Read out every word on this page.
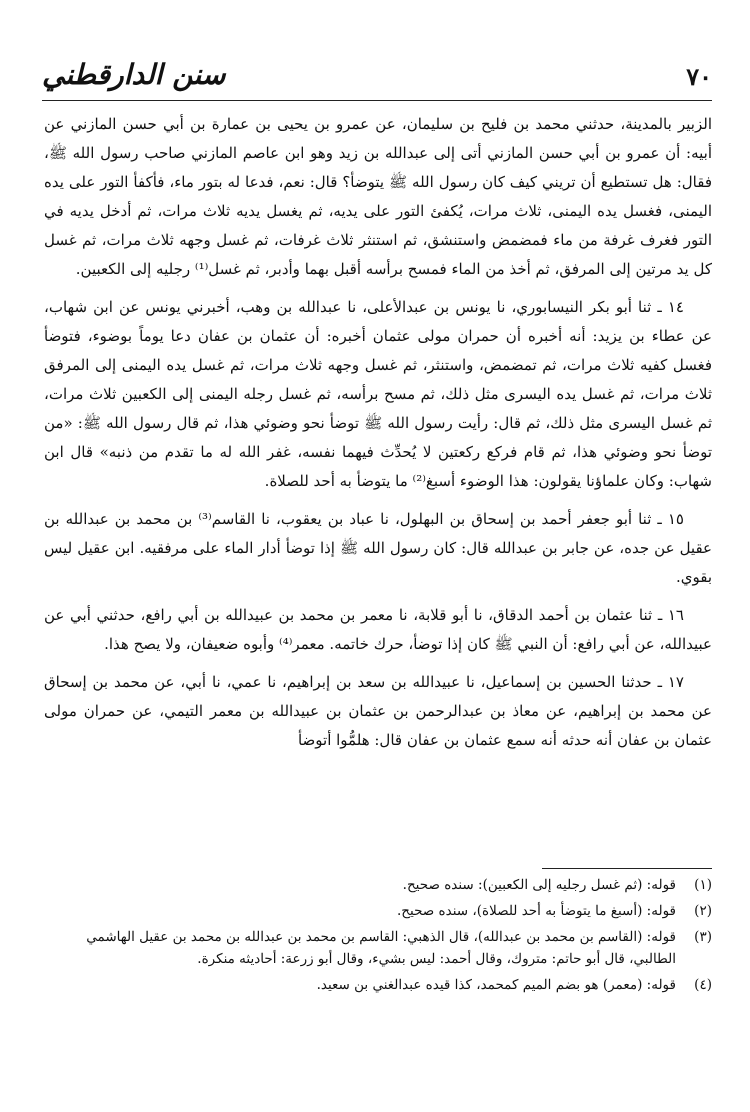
٧٠
سنن الدارقطني

الزبير بالمدينة، حدثني محمد بن فليح بن سليمان، عن عمرو بن يحيى بن عمارة بن أبي حسن المازني عن أبيه: أن عمرو بن أبي حسن المازني أتى إلى عبدالله بن زيد وهو ابن عاصم المازني صاحب رسول الله ﷺ، فقال: هل تستطيع أن تريني كيف كان رسول الله ﷺ يتوضأ؟ قال: نعم، فدعا له بتور ماء، فأكفأ التور على يده اليمنى، فغسل يده اليمنى، ثلاث مرات، يُكفئ التور على يديه، ثم يغسل يديه ثلاث مرات، ثم أدخل يديه في التور فغرف غرفة من ماء فمضمض واستنشق، ثم استنثر ثلاث غرفات، ثم غسل وجهه ثلاث مرات، ثم غسل كل يد مرتين إلى المرفق، ثم أخذ من الماء فمسح برأسه أقبل بهما وأدبر، ثم غسل⁽¹⁾ رجليه إلى الكعبين.

١٤ ـ ثنا أبو بكر النيسابوري، نا يونس بن عبدالأعلى، نا عبدالله بن وهب، أخبرني يونس عن ابن شهاب، عن عطاء بن يزيد: أنه أخبره أن حمران مولى عثمان أخبره: أن عثمان بن عفان دعا يوماً بوضوء، فتوضأ فغسل كفيه ثلاث مرات، ثم تمضمض، واستنثر، ثم غسل وجهه ثلاث مرات، ثم غسل يده اليمنى إلى المرفق ثلاث مرات، ثم غسل يده اليسرى مثل ذلك، ثم مسح برأسه، ثم غسل رجله اليمنى إلى الكعبين ثلاث مرات، ثم غسل اليسرى مثل ذلك، ثم قال: رأيت رسول الله ﷺ توضأ نحو وضوئي هذا، ثم قال رسول الله ﷺ: «من توضأ نحو وضوئي هذا، ثم قام فركع ركعتين لا يُحدِّث فيهما نفسه، غفر الله له ما تقدم من ذنبه» قال ابن شهاب: وكان علماؤنا يقولون: هذا الوضوء أسبغ⁽²⁾ ما يتوضأ به أحد للصلاة.

١٥ ـ ثنا أبو جعفر أحمد بن إسحاق بن البهلول، نا عباد بن يعقوب، نا القاسم⁽³⁾ بن محمد بن عبدالله بن عقيل عن جده، عن جابر بن عبدالله قال: كان رسول الله ﷺ إذا توضأ أدار الماء على مرفقيه. ابن عقيل ليس بقوي.

١٦ ـ ثنا عثمان بن أحمد الدقاق، نا أبو قلابة، نا معمر بن محمد بن عبيدالله بن أبي رافع، حدثني أبي عن عبيدالله، عن أبي رافع: أن النبي ﷺ كان إذا توضأ، حرك خاتمه. معمر⁽⁴⁾ وأبوه ضعيفان، ولا يصح هذا.

١٧ ـ حدثنا الحسين بن إسماعيل، نا عبيدالله بن سعد بن إبراهيم، نا عمي، نا أبي، عن محمد بن إسحاق عن محمد بن إبراهيم، عن معاذ بن عبدالرحمن بن عثمان بن عبيدالله بن معمر التيمي، عن حمران مولى عثمان بن عفان أنه حدثه أنه سمع عثمان بن عفان قال: هلمُّوا أتوضأ

(١)
قوله: (ثم غسل رجليه إلى الكعبين): سنده صحيح.
(٢)
قوله: (أسبغ ما يتوضأ به أحد للصلاة)، سنده صحيح.
(٣)
قوله: (القاسم بن محمد بن عبدالله)، قال الذهبي: القاسم بن محمد بن عبدالله بن محمد بن عقيل الهاشمي الطالبي، قال أبو حاتم: متروك، وقال أحمد: ليس بشيء، وقال أبو زرعة: أحاديثه منكرة.
(٤)
قوله: (معمر) هو بضم الميم كمحمد، كذا قيده عبدالغني بن سعيد.
